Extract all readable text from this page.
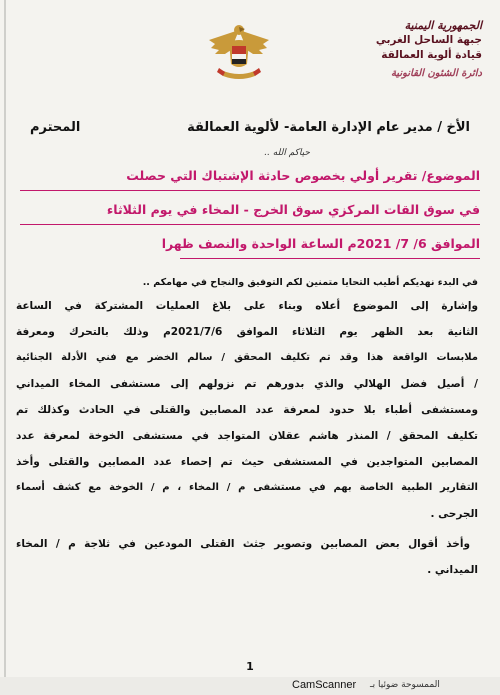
الجمهورية اليمنية
جبهة الساحل الغربي
قيادة ألوية العمالقة
دائرة الشئون القانونية
الأخ / مدير عام الإدارة العامة- لألوية العمالقة
المحترم
حياكم الله ..
الموضوع/ تقرير أولي بخصوص حادثة الإشتباك التي حصلت
في سوق القات المركزي سوق الخرج - المخاء في يوم الثلاثاء
الموافق 6/ 7/ 2021م الساعة الواحدة والنصف ظهرا
في البدء نهديكم أطيب التحايا متمنين لكم التوفيق والنجاح في مهامكم ..
وإشارة إلى الموضوع أعلاه وبناء على بلاغ العمليات المشتركة في الساعة
الثانية بعد الظهر يوم الثلاثاء الموافق 2021/7/6م وذلك بالتحرك ومعرفة
ملابسات الواقعة هذا وقد تم تكليف المحقق / سالم الخضر مع فني الأدلة الجنائية
/ أصيل فضل الهلالي والذي بدورهم تم نزولهم إلى مستشفى المخاء الميداني
ومستشفى أطباء بلا حدود لمعرفة عدد المصابين والقتلى في الحادث وكذلك تم
تكليف المحقق / المنذر هاشم عقلان المتواجد في مستشفى الخوخة لمعرفة عدد
المصابين المتواجدين في المستشفى حيث تم إحصاء عدد المصابين والقتلى وأخذ
التقارير الطبية الخاصة بهم في مستشفى م / المخاء ، م / الخوخة مع كشف أسماء
الجرحى .
وأخذ أقوال بعض المصابين وتصوير جثث القتلى المودعين في ثلاجة م / المخاء
الميداني .
1
CamScanner الممسوحة ضوئيا بـ
